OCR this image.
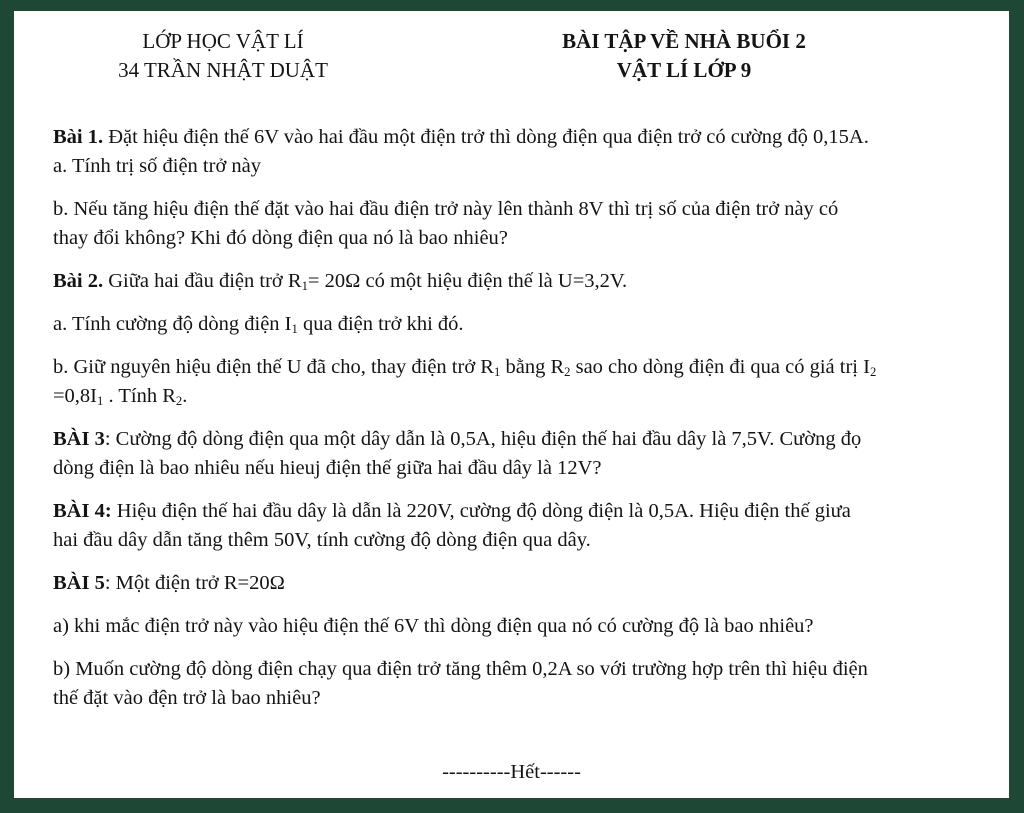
LỚP HỌC VẬT LÍ
34 TRẦN NHẬT DUẬT
BÀI TẬP VỀ NHÀ BUỔI 2
VẬT LÍ LỚP 9
Bài 1. Đặt hiệu điện thế 6V vào hai đầu một điện trở thì dòng điện qua điện trở có cường độ 0,15A.
a. Tính trị số điện trở này
b. Nếu tăng hiệu điện thế đặt vào hai đầu điện trở này lên thành 8V thì trị số của điện trở này có
thay đổi không? Khi đó dòng điện qua nó là bao nhiêu?
Bài 2. Giữa hai đầu điện trở $R_1= 20\Omega$ có một hiệu điện thế là U=3,2V.
a. Tính cường độ dòng điện $I_1$ qua điện trở khi đó.
b. Giữ nguyên hiệu điện thế U đã cho, thay điện trở $R_1$ bằng $R_2$ sao cho dòng điện đi qua có giá trị $I_2$
$=0,8I_1$ . Tính $R_2$.
BÀI 3: Cường độ dòng điện qua một dây dẫn là 0,5A, hiệu điện thế hai đầu dây là 7,5V. Cường đọ
dòng điện là bao nhiêu nếu hieuj điện thế giữa hai đầu dây là 12V?
BÀI 4: Hiệu điện thế hai đầu dây là dẫn là 220V, cường độ dòng điện là 0,5A. Hiệu điện thế giưa
hai đầu dây dẫn tăng thêm 50V, tính cường độ dòng điện qua dây.
BÀI 5: Một điện trở R=20Ω
a) khi mắc điện trở này vào hiệu điện thế 6V thì dòng điện qua nó có cường độ là bao nhiêu?
b) Muốn cường độ dòng điện chạy qua điện trở tăng thêm 0,2A so với trường hợp trên thì hiệu điện
thế đặt vào đện trở là bao nhiêu?
----------Hết------
